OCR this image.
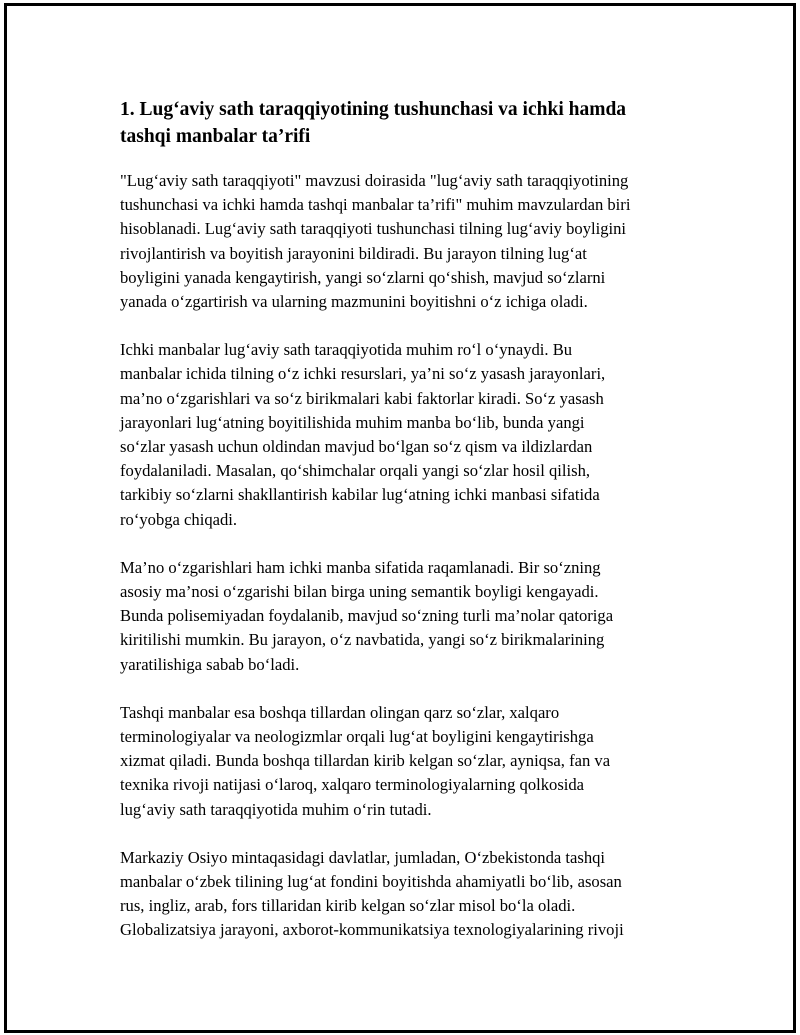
1. Lug‘aviy sath taraqqiyotining tushunchasi va ichki hamda
tashqi manbalar ta’rifi

"Lug‘aviy sath taraqqiyoti" mavzusi doirasida "lug‘aviy sath taraqqiyotining
tushunchasi va ichki hamda tashqi manbalar ta’rifi" muhim mavzulardan biri
hisoblanadi. Lug‘aviy sath taraqqiyoti tushunchasi tilning lug‘aviy boyligini
rivojlantirish va boyitish jarayonini bildiradi. Bu jarayon tilning lug‘at
boyligini yanada kengaytirish, yangi so‘zlarni qo‘shish, mavjud so‘zlarni
yanada o‘zgartirish va ularning mazmunini boyitishni o‘z ichiga oladi.

Ichki manbalar lug‘aviy sath taraqqiyotida muhim ro‘l o‘ynaydi. Bu
manbalar ichida tilning o‘z ichki resurslari, ya’ni so‘z yasash jarayonlari,
ma’no o‘zgarishlari va so‘z birikmalari kabi faktorlar kiradi. So‘z yasash
jarayonlari lug‘atning boyitilishida muhim manba bo‘lib, bunda yangi
so‘zlar yasash uchun oldindan mavjud bo‘lgan so‘z qism va ildizlardan
foydalaniladi. Masalan, qo‘shimchalar orqali yangi so‘zlar hosil qilish,
tarkibiy so‘zlarni shakllantirish kabilar lug‘atning ichki manbasi sifatida
ro‘yobga chiqadi.

Ma’no o‘zgarishlari ham ichki manba sifatida raqamlanadi. Bir so‘zning
asosiy ma’nosi o‘zgarishi bilan birga uning semantik boyligi kengayadi.
Bunda polisemiyadan foydalanib, mavjud so‘zning turli ma’nolar qatoriga
kiritilishi mumkin. Bu jarayon, o‘z navbatida, yangi so‘z birikmalarining
yaratilishiga sabab bo‘ladi.

Tashqi manbalar esa boshqa tillardan olingan qarz so‘zlar, xalqaro
terminologiyalar va neologizmlar orqali lug‘at boyligini kengaytirishga
xizmat qiladi. Bunda boshqa tillardan kirib kelgan so‘zlar, ayniqsa, fan va
texnika rivoji natijasi o‘laroq, xalqaro terminologiyalarning qolkosida
lug‘aviy sath taraqqiyotida muhim o‘rin tutadi.

Markaziy Osiyo mintaqasidagi davlatlar, jumladan, O‘zbekistonda tashqi
manbalar o‘zbek tilining lug‘at fondini boyitishda ahamiyatli bo‘lib, asosan
rus, ingliz, arab, fors tillaridan kirib kelgan so‘zlar misol bo‘la oladi.
Globalizatsiya jarayoni, axborot-kommunikatsiya texnologiyalarining rivoji
